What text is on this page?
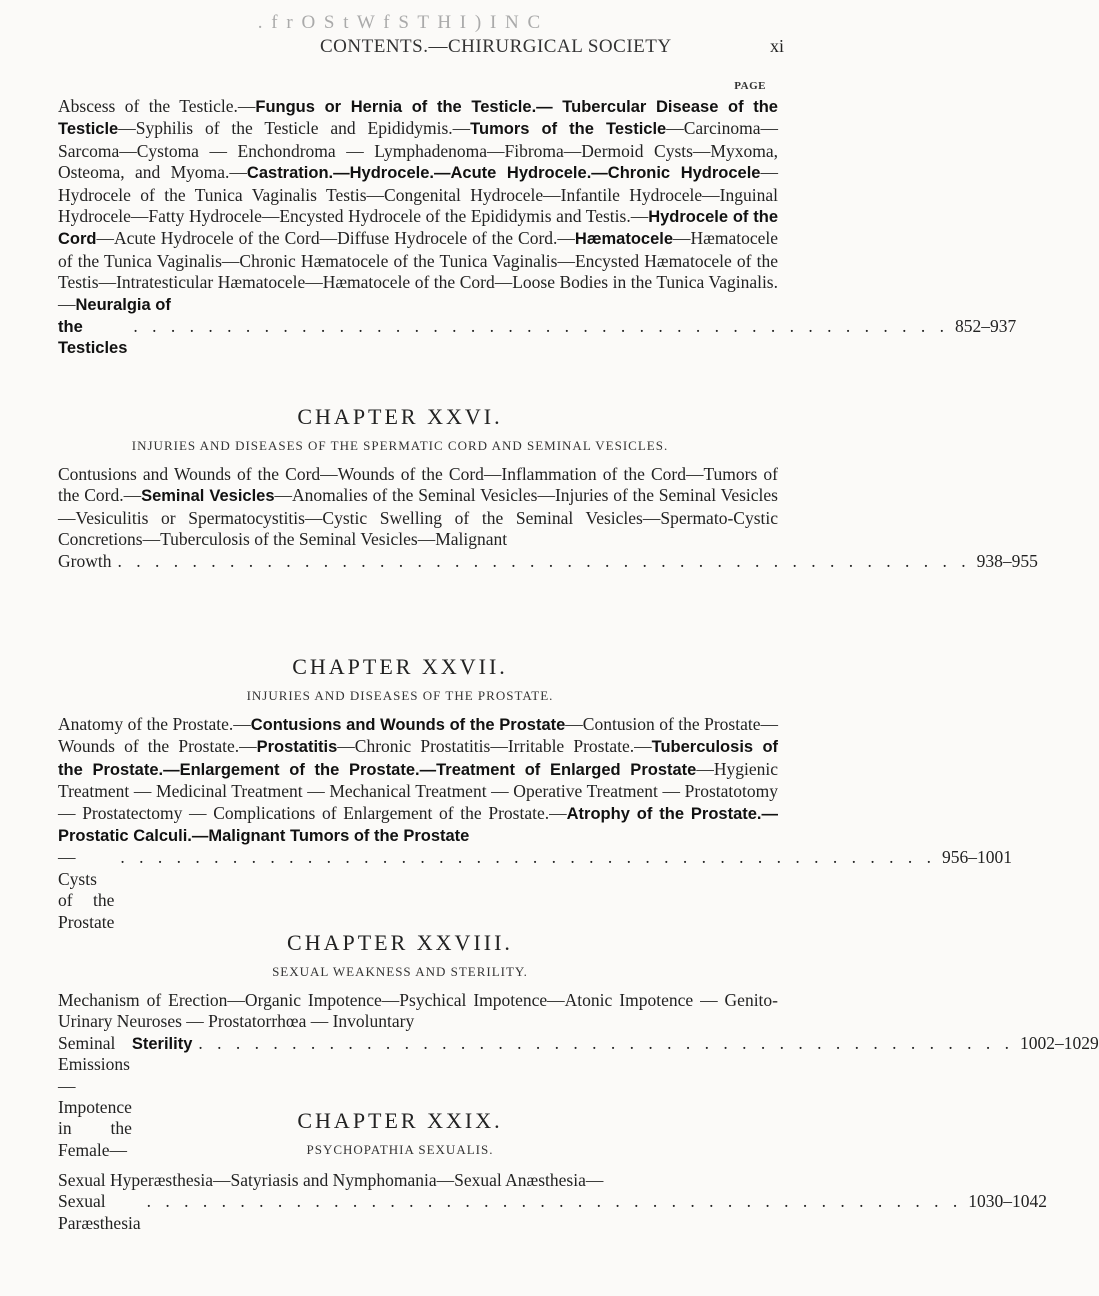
. f r O S t W f S T H I ) I N C
CONTENTS.—CHIRURGICAL SOCIETY	xi
PAGE
Abscess of the Testicle.—Fungus or Hernia of the Testicle.— Tubercular Disease of the Testicle—Syphilis of the Testicle and Epididymis.—Tumors of the Testicle—Carcinoma—Sarcoma—Cystoma — Enchondroma — Lymphadenoma—Fibroma—Dermoid Cysts—Myxoma, Osteoma, and Myoma.—Castration.—Hydrocele.—Acute Hydrocele.—Chronic Hydrocele—Hydrocele of the Tunica Vaginalis Testis—Congenital Hydrocele—Infantile Hydrocele—Inguinal Hydrocele—Fatty Hydrocele—Encysted Hydrocele of the Epididymis and Testis.—Hydrocele of the Cord—Acute Hydrocele of the Cord—Diffuse Hydrocele of the Cord.—Hæmatocele—Hæmatocele of the Tunica Vaginalis—Chronic Hæmatocele of the Tunica Vaginalis—Encysted Hæmatocele of the Testis—Intratesticular Hæmatocele—Hæmatocele of the Cord—Loose Bodies in the Tunica Vaginalis.—Neuralgia of
the Testicles
. . . . . . . . . . . . . . . . . . . . . . . . . . . . . . . . . . . . . . . . . . . . 852–937
CHAPTER XXVI.
INJURIES AND DISEASES OF THE SPERMATIC CORD AND SEMINAL VESICLES.
Contusions and Wounds of the Cord—Wounds of the Cord—Inflammation of the Cord—Tumors of the Cord.—Seminal Vesicles—Anomalies of the Seminal Vesicles—Injuries of the Seminal Vesicles—Vesiculitis or Spermatocystitis—Cystic Swelling of the Seminal Vesicles—Spermato-Cystic Concretions—Tuberculosis of the Seminal Vesicles—Malignant
Growth . . . . . . . . . . . . . . . . . . . . . . . . . . . . . . . . . . . . . . . . . . . . . . 938–955
CHAPTER XXVII.
INJURIES AND DISEASES OF THE PROSTATE.
Anatomy of the Prostate.—Contusions and Wounds of the Prostate—Contusion of the Prostate—Wounds of the Prostate.—Prostatitis—Chronic Prostatitis—Irritable Prostate.—Tuberculosis of the Prostate.—Enlargement of the Prostate.—Treatment of Enlarged Prostate—Hygienic Treatment — Medicinal Treatment — Mechanical Treatment — Operative Treatment — Prostatotomy — Prostatectomy — Complications of Enlargement of the Prostate.—Atrophy of the Prostate.—Prostatic Calculi.—Malignant Tumors of the Prostate
—Cysts of the Prostate
. . . . . . . . . . . . . . . . . . . . . . . . . . . . . . . . . . . . . . . . . . . . 956–1001
CHAPTER XXVIII.
SEXUAL WEAKNESS AND STERILITY.
Mechanism of Erection—Organic Impotence—Psychical Impotence—Atonic Impotence — Genito-Urinary Neuroses — Prostatorrhœa — Involuntary
Seminal Emissions—Impotence in the Female—
Sterility . . . . . . . . . . . . . . . . . . . . . . . . . . . . . . . . . . . . . . . . . . . . 1002–1029
CHAPTER XXIX.
PSYCHOPATHIA SEXUALIS.
Sexual Hyperæsthesia—Satyriasis and Nymphomania—Sexual Anæsthesia—
Sexual Paræsthesia
. . . . . . . . . . . . . . . . . . . . . . . . . . . . . . . . . . . . . . . . . . . . 1030–1042
